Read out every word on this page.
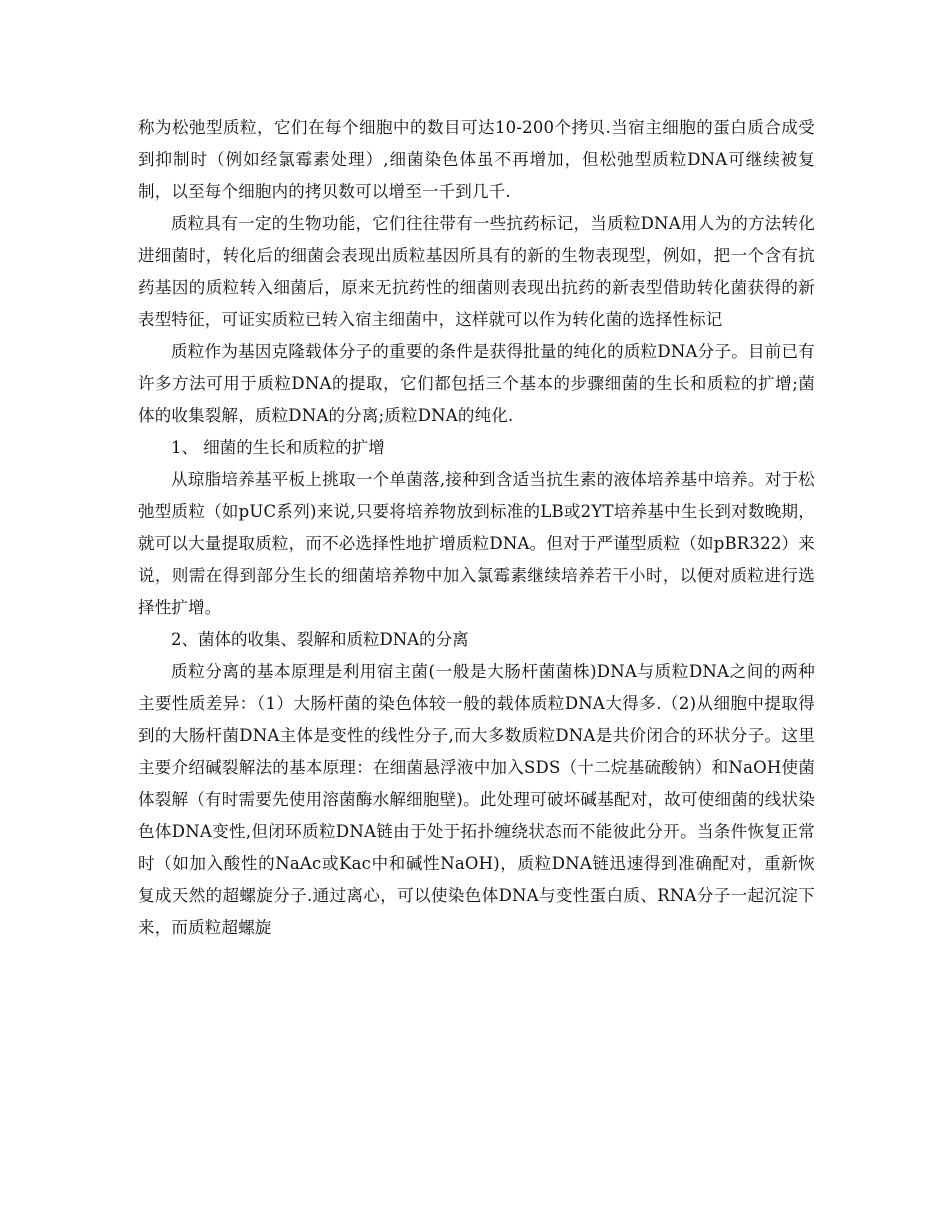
称为松弛型质粒，它们在每个细胞中的数目可达10-200个拷贝.当宿主细胞的蛋白质合成受到抑制时（例如经氯霉素处理）,细菌染色体虽不再增加，但松弛型质粒DNA可继续被复制，以至每个细胞内的拷贝数可以增至一千到几千.

质粒具有一定的生物功能，它们往往带有一些抗药标记，当质粒DNA用人为的方法转化进细菌时，转化后的细菌会表现出质粒基因所具有的新的生物表现型，例如，把一个含有抗药基因的质粒转入细菌后，原来无抗药性的细菌则表现出抗药的新表型借助转化菌获得的新表型特征，可证实质粒已转入宿主细菌中，这样就可以作为转化菌的选择性标记

质粒作为基因克隆载体分子的重要的条件是获得批量的纯化的质粒DNA分子。目前已有许多方法可用于质粒DNA的提取，它们都包括三个基本的步骤细菌的生长和质粒的扩增;菌体的收集裂解，质粒DNA的分离;质粒DNA的纯化.

1、 细菌的生长和质粒的扩增

从琼脂培养基平板上挑取一个单菌落,接种到含适当抗生素的液体培养基中培养。对于松弛型质粒（如pUC系列)来说,只要将培养物放到标准的LB或2YT培养基中生长到对数晚期，就可以大量提取质粒，而不必选择性地扩增质粒DNA。但对于严谨型质粒（如pBR322）来说，则需在得到部分生长的细菌培养物中加入氯霉素继续培养若干小时，以便对质粒进行选择性扩增。

2、菌体的收集、裂解和质粒DNA的分离

质粒分离的基本原理是利用宿主菌(一般是大肠杆菌菌株)DNA与质粒DNA之间的两种主要性质差异：（1）大肠杆菌的染色体较一般的载体质粒DNA大得多.（2)从细胞中提取得到的大肠杆菌DNA主体是变性的线性分子,而大多数质粒DNA是共价闭合的环状分子。这里主要介绍碱裂解法的基本原理：在细菌悬浮液中加入SDS（十二烷基硫酸钠）和NaOH使菌体裂解（有时需要先使用溶菌酶水解细胞壁)。此处理可破坏碱基配对，故可使细菌的线状染色体DNA变性,但闭环质粒DNA链由于处于拓扑缠绕状态而不能彼此分开。当条件恢复正常时（如加入酸性的NaAc或Kac中和碱性NaOH)，质粒DNA链迅速得到准确配对，重新恢复成天然的超螺旋分子.通过离心，可以使染色体DNA与变性蛋白质、RNA分子一起沉淀下来，而质粒超螺旋
